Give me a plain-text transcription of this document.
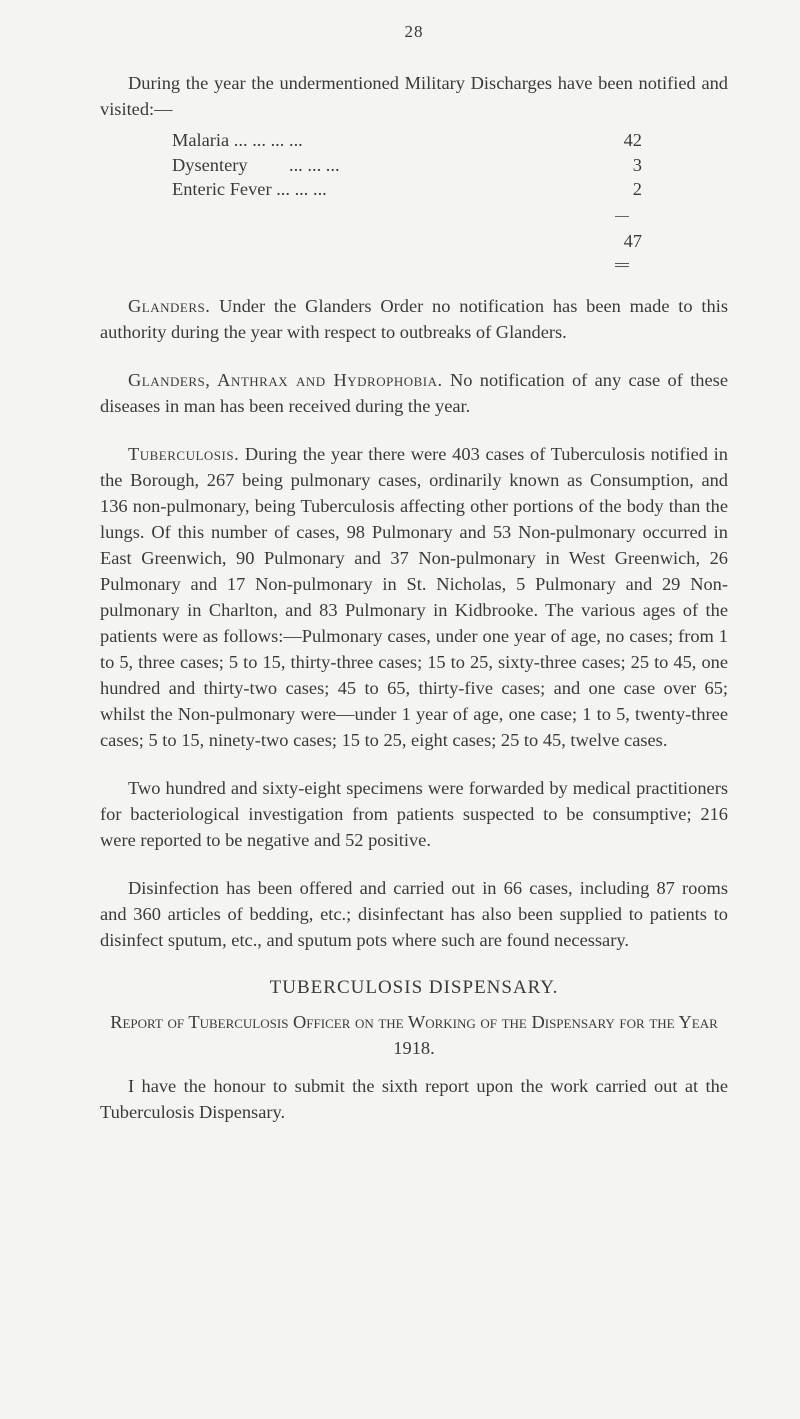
28

During the year the undermentioned Military Discharges have been notified and visited:—

Malaria ... ... ... ...	42
Dysentery ... ... ...	3
Enteric Fever ... ... ...	2
47

Glanders. Under the Glanders Order no notification has been made to this authority during the year with respect to outbreaks of Glanders.

Glanders, Anthrax and Hydrophobia. No notification of any case of these diseases in man has been received during the year.

Tuberculosis. During the year there were 403 cases of Tuberculosis notified in the Borough, 267 being pulmonary cases, ordinarily known as Consumption, and 136 non-pulmonary, being Tuberculosis affecting other portions of the body than the lungs. Of this number of cases, 98 Pulmonary and 53 Non-pulmonary occurred in East Greenwich, 90 Pulmonary and 37 Non-pulmonary in West Greenwich, 26 Pulmonary and 17 Non-pulmonary in St. Nicholas, 5 Pulmonary and 29 Non-pulmonary in Charlton, and 83 Pulmonary in Kidbrooke. The various ages of the patients were as follows:—Pulmonary cases, under one year of age, no cases; from 1 to 5, three cases; 5 to 15, thirty-three cases; 15 to 25, sixty-three cases; 25 to 45, one hundred and thirty-two cases; 45 to 65, thirty-five cases; and one case over 65; whilst the Non-pulmonary were—under 1 year of age, one case; 1 to 5, twenty-three cases; 5 to 15, ninety-two cases; 15 to 25, eight cases; 25 to 45, twelve cases.

Two hundred and sixty-eight specimens were forwarded by medical practitioners for bacteriological investigation from patients suspected to be consumptive; 216 were reported to be negative and 52 positive.

Disinfection has been offered and carried out in 66 cases, including 87 rooms and 360 articles of bedding, etc.; disinfectant has also been supplied to patients to disinfect sputum, etc., and sputum pots where such are found necessary.

TUBERCULOSIS DISPENSARY.
Report of Tuberculosis Officer on the Working of the Dispensary for the Year 1918.

I have the honour to submit the sixth report upon the work carried out at the Tuberculosis Dispensary.
